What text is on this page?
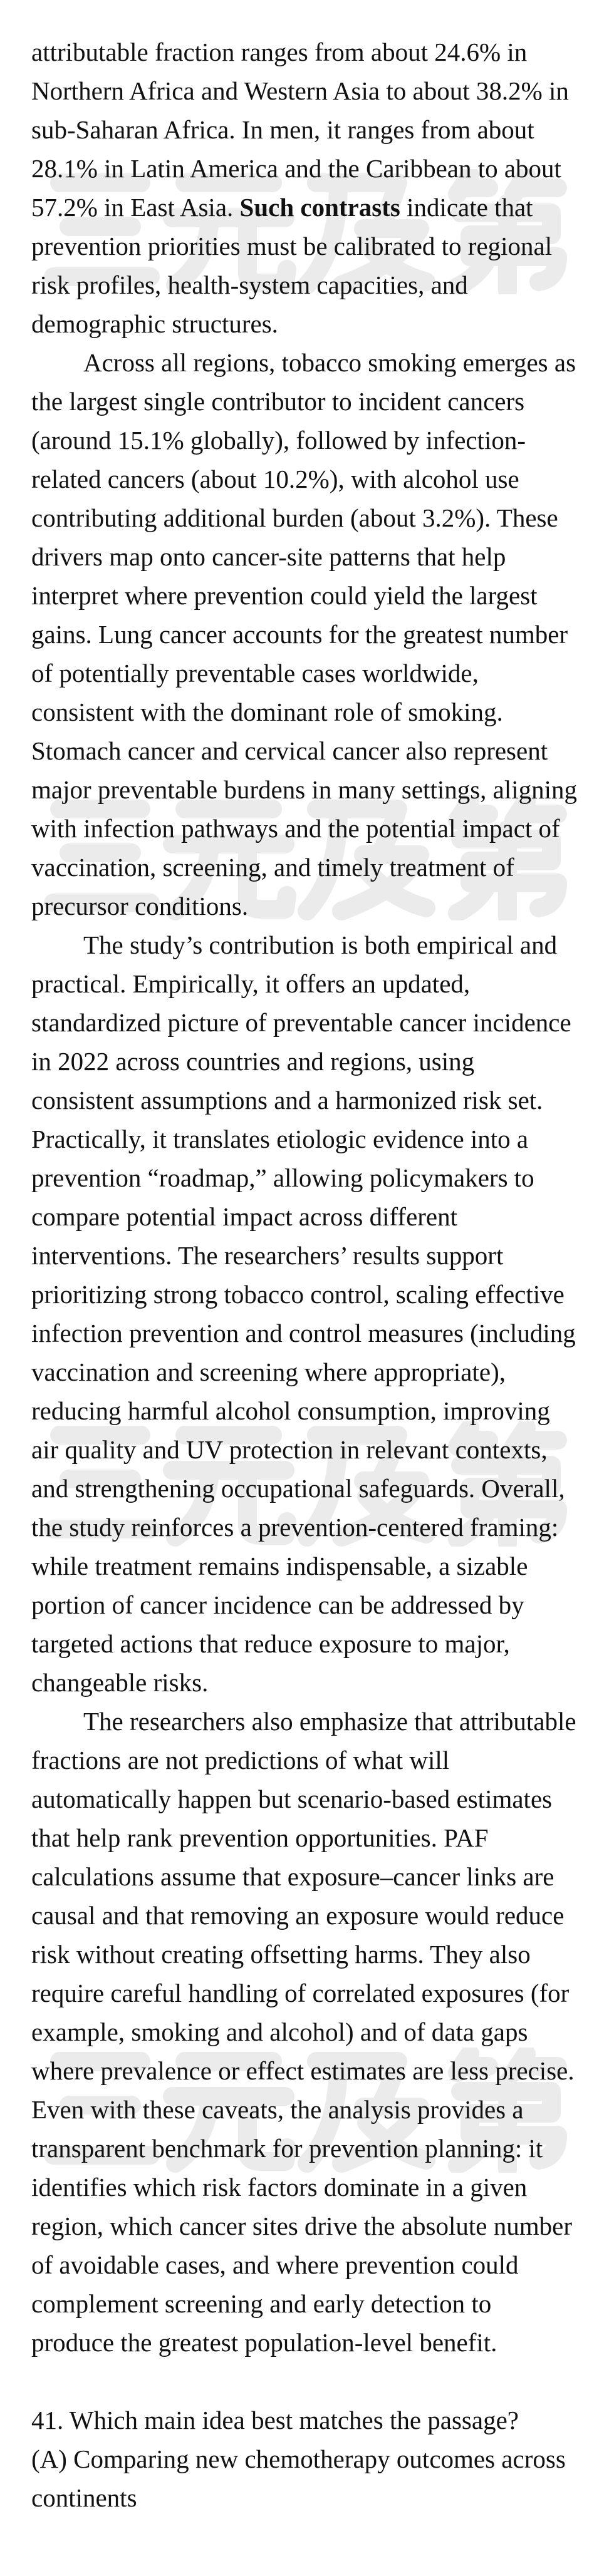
attributable fraction ranges from about 24.6% in
Northern Africa and Western Asia to about 38.2% in
sub-Saharan Africa. In men, it ranges from about
28.1% in Latin America and the Caribbean to about
57.2% in East Asia. Such contrasts indicate that
prevention priorities must be calibrated to regional
risk profiles, health-system capacities, and
demographic structures.
Across all regions, tobacco smoking emerges as
the largest single contributor to incident cancers
(around 15.1% globally), followed by infection-
related cancers (about 10.2%), with alcohol use
contributing additional burden (about 3.2%). These
drivers map onto cancer-site patterns that help
interpret where prevention could yield the largest
gains. Lung cancer accounts for the greatest number
of potentially preventable cases worldwide,
consistent with the dominant role of smoking.
Stomach cancer and cervical cancer also represent
major preventable burdens in many settings, aligning
with infection pathways and the potential impact of
vaccination, screening, and timely treatment of
precursor conditions.
The study’s contribution is both empirical and
practical. Empirically, it offers an updated,
standardized picture of preventable cancer incidence
in 2022 across countries and regions, using
consistent assumptions and a harmonized risk set.
Practically, it translates etiologic evidence into a
prevention “roadmap,” allowing policymakers to
compare potential impact across different
interventions. The researchers’ results support
prioritizing strong tobacco control, scaling effective
infection prevention and control measures (including
vaccination and screening where appropriate),
reducing harmful alcohol consumption, improving
air quality and UV protection in relevant contexts,
and strengthening occupational safeguards. Overall,
the study reinforces a prevention-centered framing:
while treatment remains indispensable, a sizable
portion of cancer incidence can be addressed by
targeted actions that reduce exposure to major,
changeable risks.
The researchers also emphasize that attributable
fractions are not predictions of what will
automatically happen but scenario-based estimates
that help rank prevention opportunities. PAF
calculations assume that exposure–cancer links are
causal and that removing an exposure would reduce
risk without creating offsetting harms. They also
require careful handling of correlated exposures (for
example, smoking and alcohol) and of data gaps
where prevalence or effect estimates are less precise.
Even with these caveats, the analysis provides a
transparent benchmark for prevention planning: it
identifies which risk factors dominate in a given
region, which cancer sites drive the absolute number
of avoidable cases, and where prevention could
complement screening and early detection to
produce the greatest population-level benefit.
41. Which main idea best matches the passage?
(A) Comparing new chemotherapy outcomes across
continents
